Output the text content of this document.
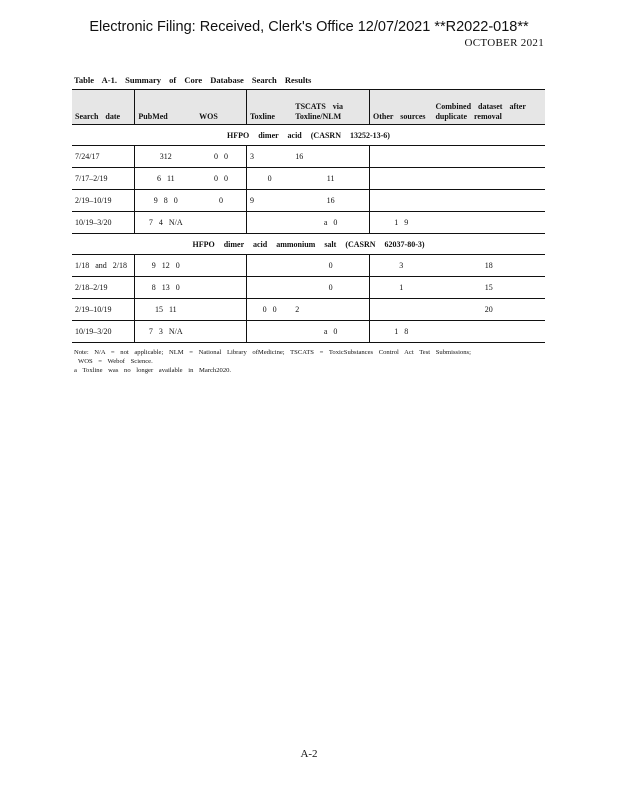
Electronic Filing: Received, Clerk's Office 12/07/2021 **R2022-018**
OCTOBER 2021
Table A-1. Summary of Core Database Search Results
Search date	PubMed	WOS	Toxline	TSCATS via Toxline/NLM	Other sources	Combined dataset after duplicate removal
HFPO dimer acid (CASRN 13252-13-6)						
7/24/17	312	0 0	3	16		
7/17–2/19	6 11	0 0	0	11		
2/19–10/19	9 8 0	0	9	16		
10/19–3/20	7 4 N/A			a 0	1 9	
HFPO dimer acid ammonium salt (CASRN 62037-80-3)						
1/18 and 2/18	9 12 0			0	3	18
2/18–2/19	8 13 0			0	1	15
2/19–10/19	15 11		0 0	2		20
10/19–3/20	7 3 N/A			a 0	1 8	
Note: N/A = not applicable; NLM = National Library ofMedicine; TSCATS = ToxicSubstances Control Act Test Submissions;
WOS = Webof Science.
a Toxline was no longer available in March2020.
A-2
